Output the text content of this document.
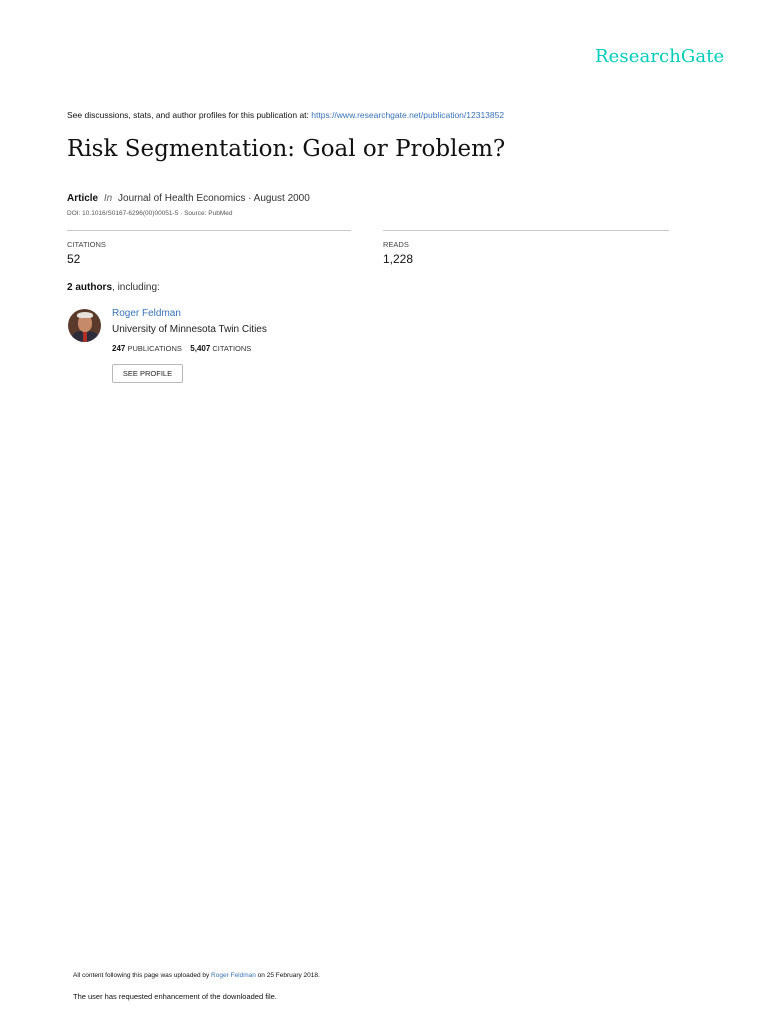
ResearchGate
See discussions, stats, and author profiles for this publication at: https://www.researchgate.net/publication/12313852
Risk Segmentation: Goal or Problem?
Article In Journal of Health Economics · August 2000
DOI: 10.1016/S0167-6296(00)00051-5 · Source: PubMed
CITATIONS
52
READS
1,228
2 authors, including:
Roger Feldman
University of Minnesota Twin Cities
247 PUBLICATIONS 5,407 CITATIONS
SEE PROFILE
All content following this page was uploaded by Roger Feldman on 25 February 2018.
The user has requested enhancement of the downloaded file.
